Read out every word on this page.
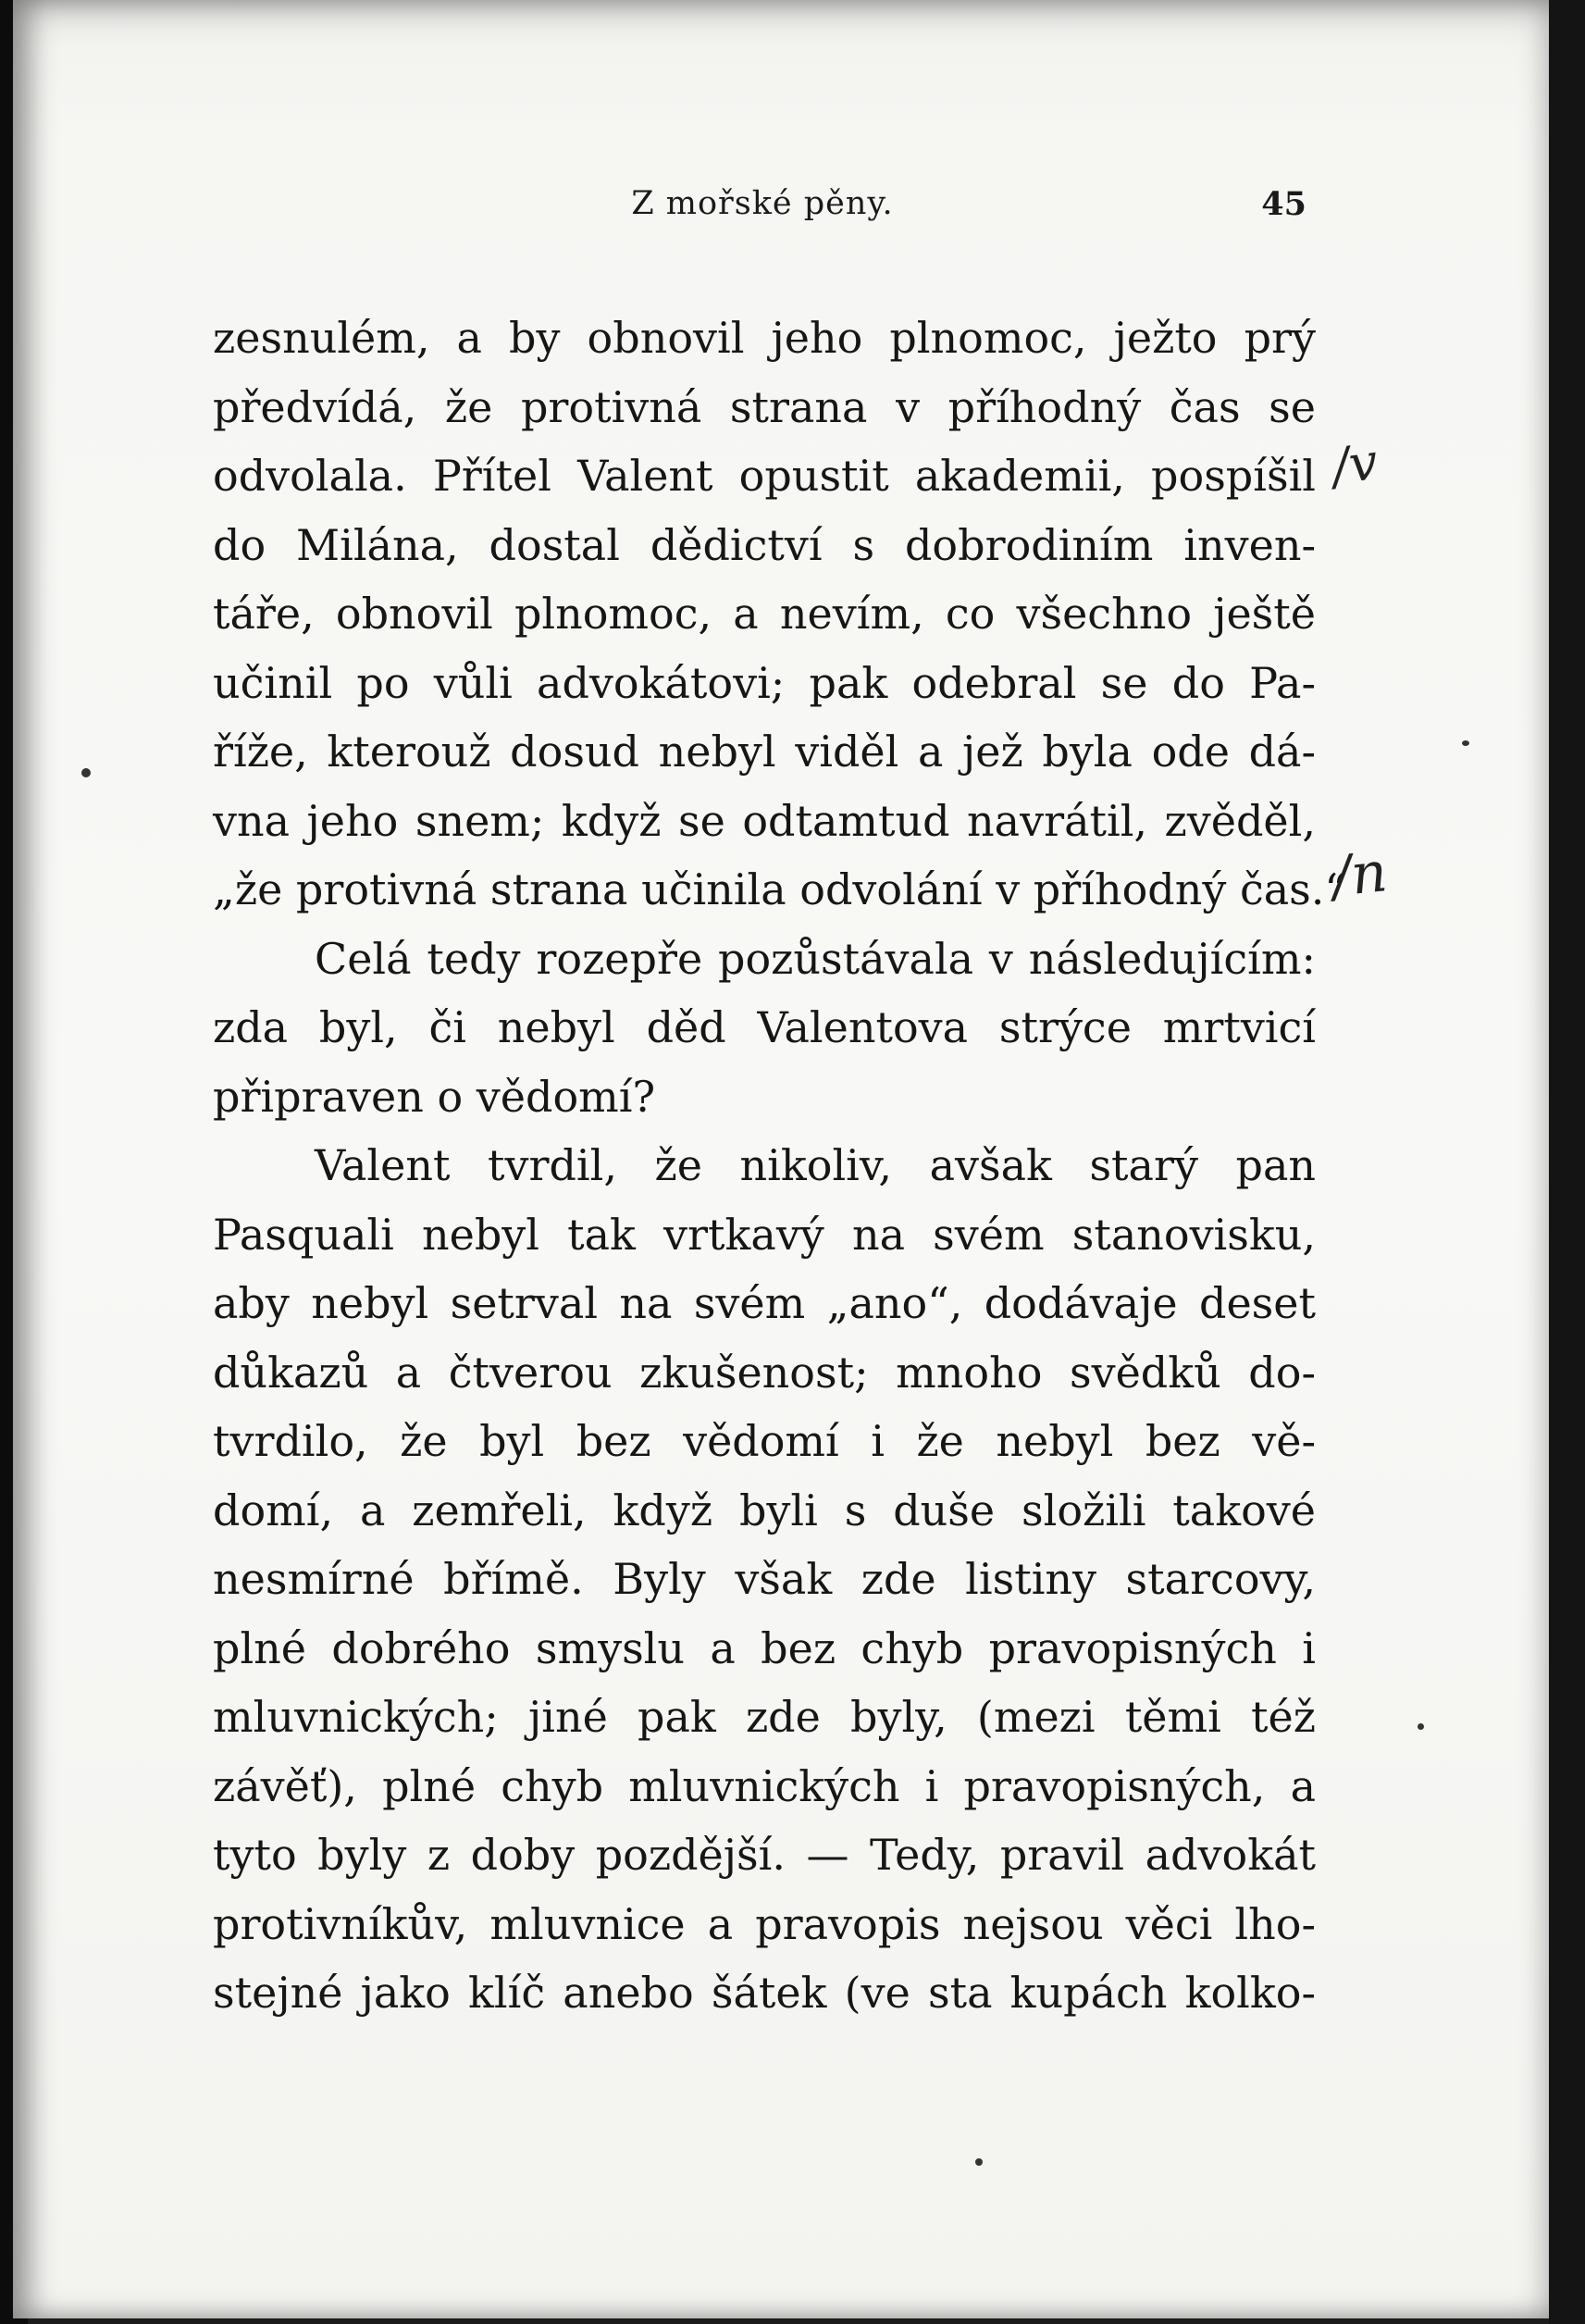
Z mořské pěny.	45
zesnulém, a by obnovil jeho plnomoc, ježto prý
předvídá, že protivná strana v příhodný čas se
odvolala. Přítel Valent opustit akademii, pospíšil
do Milána, dostal dědictví s dobrodiním inven-
táře, obnovil plnomoc, a nevím, co všechno ještě
učinil po vůli advokátovi; pak odebral se do Pa-
říže, kterouž dosud nebyl viděl a jež byla ode dá-
vna jeho snem; když se odtamtud navrátil, zvěděl,
„že protivná strana učinila odvolání v příhodný čas.“
Celá tedy rozepře pozůstávala v následujícím:
zda byl, či nebyl děd Valentova strýce mrtvicí
připraven o vědomí?
Valent tvrdil, že nikoliv, avšak starý pan
Pasquali nebyl tak vrtkavý na svém stanovisku,
aby nebyl setrval na svém „ano“, dodávaje deset
důkazů a čtverou zkušenost; mnoho svědků do-
tvrdilo, že byl bez vědomí i že nebyl bez vě-
domí, a zemřeli, když byli s duše složili takové
nesmírné břímě. Byly však zde listiny starcovy,
plné dobrého smyslu a bez chyb pravopisných i
mluvnických; jiné pak zde byly, (mezi těmi též
závěť), plné chyb mluvnických i pravopisných, a
tyto byly z doby pozdější. — Tedy, pravil advokát
protivníkův, mluvnice a pravopis nejsou věci lho-
stejné jako klíč anebo šátek (ve sta kupách kolko-
/v
/n
